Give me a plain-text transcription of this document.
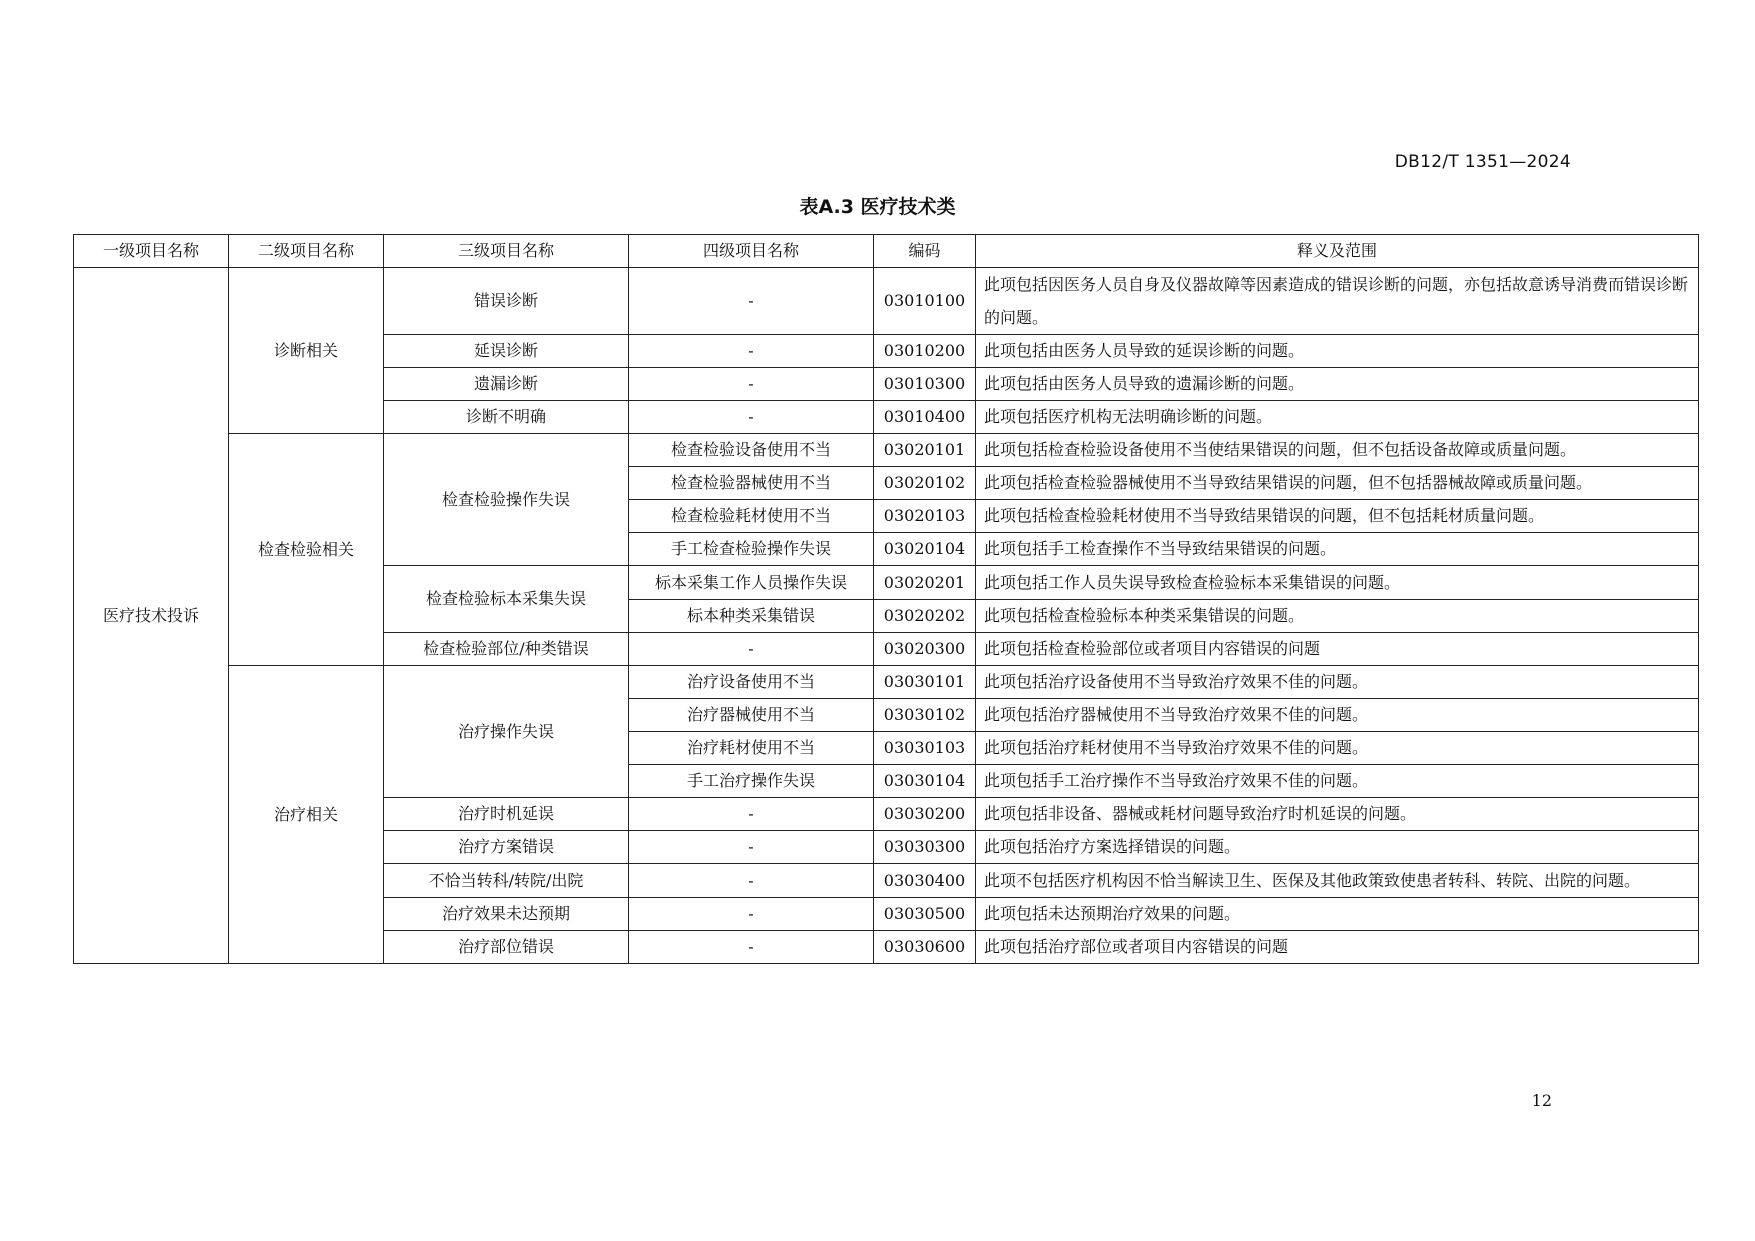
DB12/T 1351—2024
表A.3 医疗技术类
一级项目名称	二级项目名称	三级项目名称	四级项目名称	编码	释义及范围
医疗技术投诉	诊断相关	错误诊断	-	03010100	此项包括因医务人员自身及仪器故障等因素造成的错误诊断的问题，亦包括故意诱导消费而错误诊断的问题。
		延误诊断	-	03010200	此项包括由医务人员导致的延误诊断的问题。
		遗漏诊断	-	03010300	此项包括由医务人员导致的遗漏诊断的问题。
		诊断不明确	-	03010400	此项包括医疗机构无法明确诊断的问题。
	检查检验相关	检查检验操作失误	检查检验设备使用不当	03020101	此项包括检查检验设备使用不当使结果错误的问题，但不包括设备故障或质量问题。
			检查检验器械使用不当	03020102	此项包括检查检验器械使用不当导致结果错误的问题，但不包括器械故障或质量问题。
			检查检验耗材使用不当	03020103	此项包括检查检验耗材使用不当导致结果错误的问题，但不包括耗材质量问题。
			手工检查检验操作失误	03020104	此项包括手工检查操作不当导致结果错误的问题。
		检查检验标本采集失误	标本采集工作人员操作失误	03020201	此项包括工作人员失误导致检查检验标本采集错误的问题。
			标本种类采集错误	03020202	此项包括检查检验标本种类采集错误的问题。
		检查检验部位/种类错误	-	03020300	此项包括检查检验部位或者项目内容错误的问题
	治疗相关	治疗操作失误	治疗设备使用不当	03030101	此项包括治疗设备使用不当导致治疗效果不佳的问题。
			治疗器械使用不当	03030102	此项包括治疗器械使用不当导致治疗效果不佳的问题。
			治疗耗材使用不当	03030103	此项包括治疗耗材使用不当导致治疗效果不佳的问题。
			手工治疗操作失误	03030104	此项包括手工治疗操作不当导致治疗效果不佳的问题。
		治疗时机延误	-	03030200	此项包括非设备、器械或耗材问题导致治疗时机延误的问题。
		治疗方案错误	-	03030300	此项包括治疗方案选择错误的问题。
		不恰当转科/转院/出院	-	03030400	此项不包括医疗机构因不恰当解读卫生、医保及其他政策致使患者转科、转院、出院的问题。
		治疗效果未达预期	-	03030500	此项包括未达预期治疗效果的问题。
		治疗部位错误	-	03030600	此项包括治疗部位或者项目内容错误的问题
12
